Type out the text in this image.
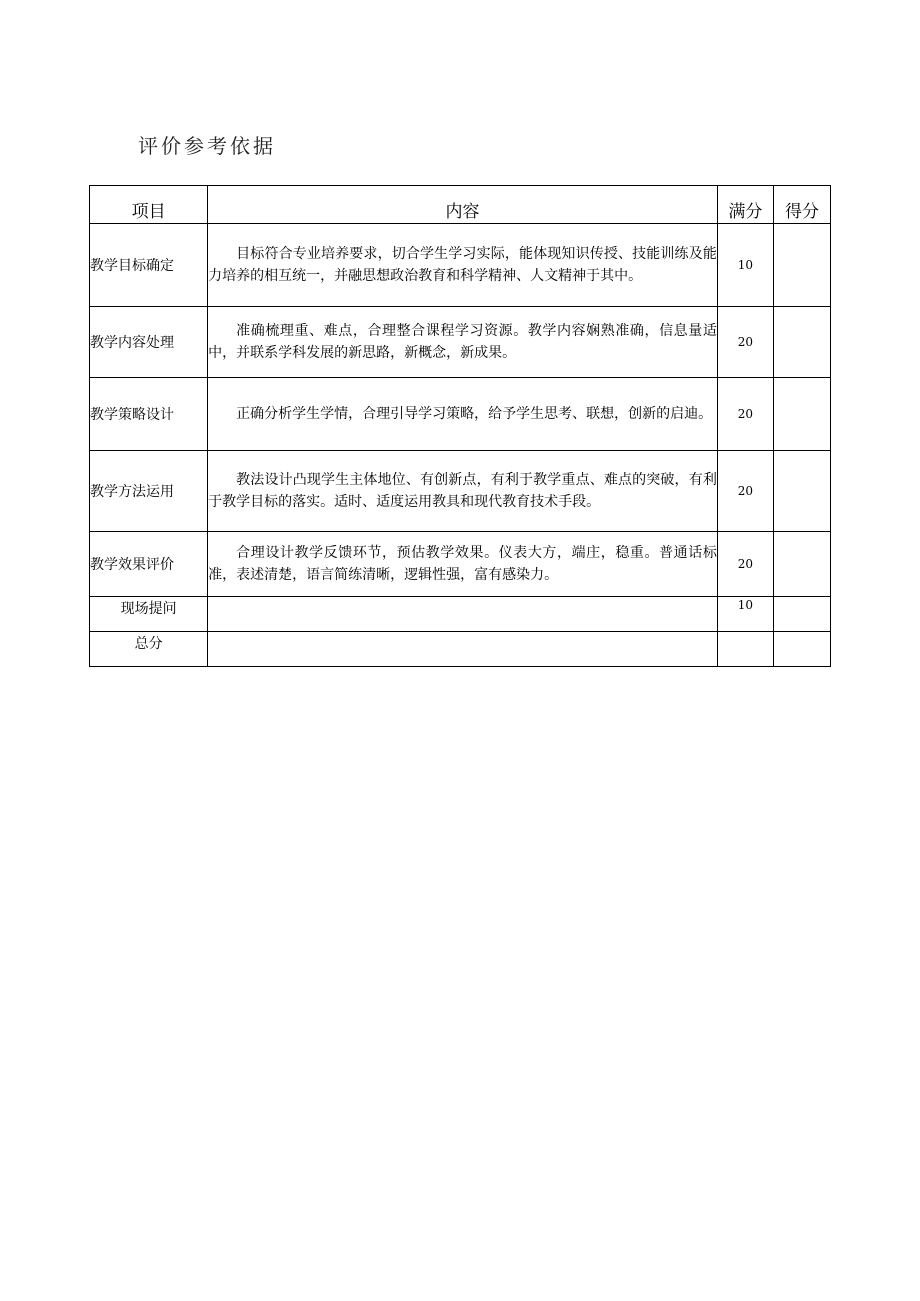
评价参考依据
项目	内容	满分	得分
教学目标确定	目标符合专业培养要求，切合学生学习实际，能体现知识传授、技能训练及能力培养的相互统一，并融思想政治教育和科学精神、人文精神于其中。	10	
教学内容处理	准确梳理重、难点，合理整合课程学习资源。教学内容娴熟准确，信息量适中，并联系学科发展的新思路，新概念，新成果。	20	
教学策略设计	正确分析学生学情，合理引导学习策略，给予学生思考、联想，创新的启迪。	20	
教学方法运用	教法设计凸现学生主体地位、有创新点，有利于教学重点、难点的突破，有利于教学目标的落实。适时、适度运用教具和现代教育技术手段。	20	
教学效果评价	合理设计教学反馈环节，预估教学效果。仪表大方，端庄，稳重。普通话标准，表述清楚，语言简练清晰，逻辑性强，富有感染力。	20	
现场提问		10	
总分			
